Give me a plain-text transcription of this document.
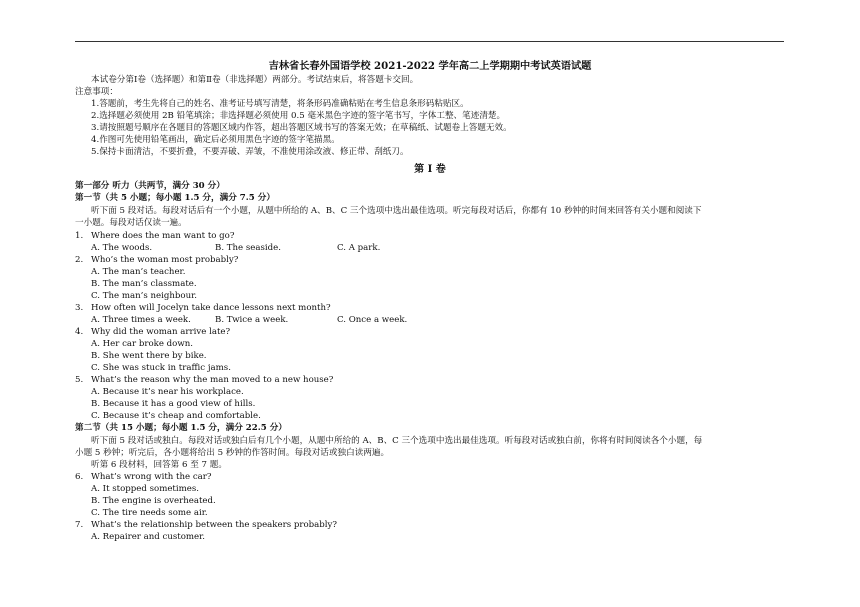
吉林省长春外国语学校 2021-2022 学年高二上学期期中考试英语试题
本试卷分第Ⅰ卷（选择题）和第Ⅱ卷（非选择题）两部分。考试结束后，将答题卡交回。
注意事项：
1.答题前，考生先将自己的姓名、准考证号填写清楚，将条形码准确粘贴在考生信息条形码粘贴区。
2.选择题必须使用 2B 铅笔填涂；非选择题必须使用 0.5 毫米黑色字迹的签字笔书写，字体工整、笔迹清楚。
3.请按照题号顺序在各题目的答题区域内作答，超出答题区域书写的答案无效；在草稿纸、试题卷上答题无效。
4.作图可先使用铅笔画出，确定后必须用黑色字迹的签字笔描黑。
5.保持卡面清洁，不要折叠，不要弄破、弄皱，不准使用涂改液、修正带、刮纸刀。
第 Ⅰ 卷
第一部分 听力（共两节，满分 30 分）
第一节（共 5 小题；每小题 1.5 分，满分 7.5 分）
听下面 5 段对话。每段对话后有一个小题，从题中所给的 A、B、C 三个选项中选出最佳选项。听完每段对话后，你都有 10 秒钟的时间来回答有关小题和阅读下
一小题。每段对话仅读一遍。
1. Where does the man want to go?
A. The woods.	B. The seaside.	C. A park.
2. Who’s the woman most probably?
A. The man’s teacher.
B. The man’s classmate.
C. The man’s neighbour.
3. How often will Jocelyn take dance lessons next month?
A. Three times a week.	B. Twice a week.	C. Once a week.
4. Why did the woman arrive late?
A. Her car broke down.
B. She went there by bike.
C. She was stuck in traffic jams.
5. What’s the reason why the man moved to a new house?
A. Because it’s near his workplace.
B. Because it has a good view of hills.
C. Because it’s cheap and comfortable.
第二节（共 15 小题；每小题 1.5 分，满分 22.5 分）
听下面 5 段对话或独白。每段对话或独白后有几个小题，从题中所给的 A、B、C 三个选项中选出最佳选项。听每段对话或独白前，你将有时间阅读各个小题，每
小题 5 秒钟；听完后，各小题将给出 5 秒钟的作答时间。每段对话或独白读两遍。
听第 6 段材料，回答第 6 至 7 题。
6. What’s wrong with the car?
A. It stopped sometimes.
B. The engine is overheated.
C. The tire needs some air.
7. What’s the relationship between the speakers probably?
A. Repairer and customer.
